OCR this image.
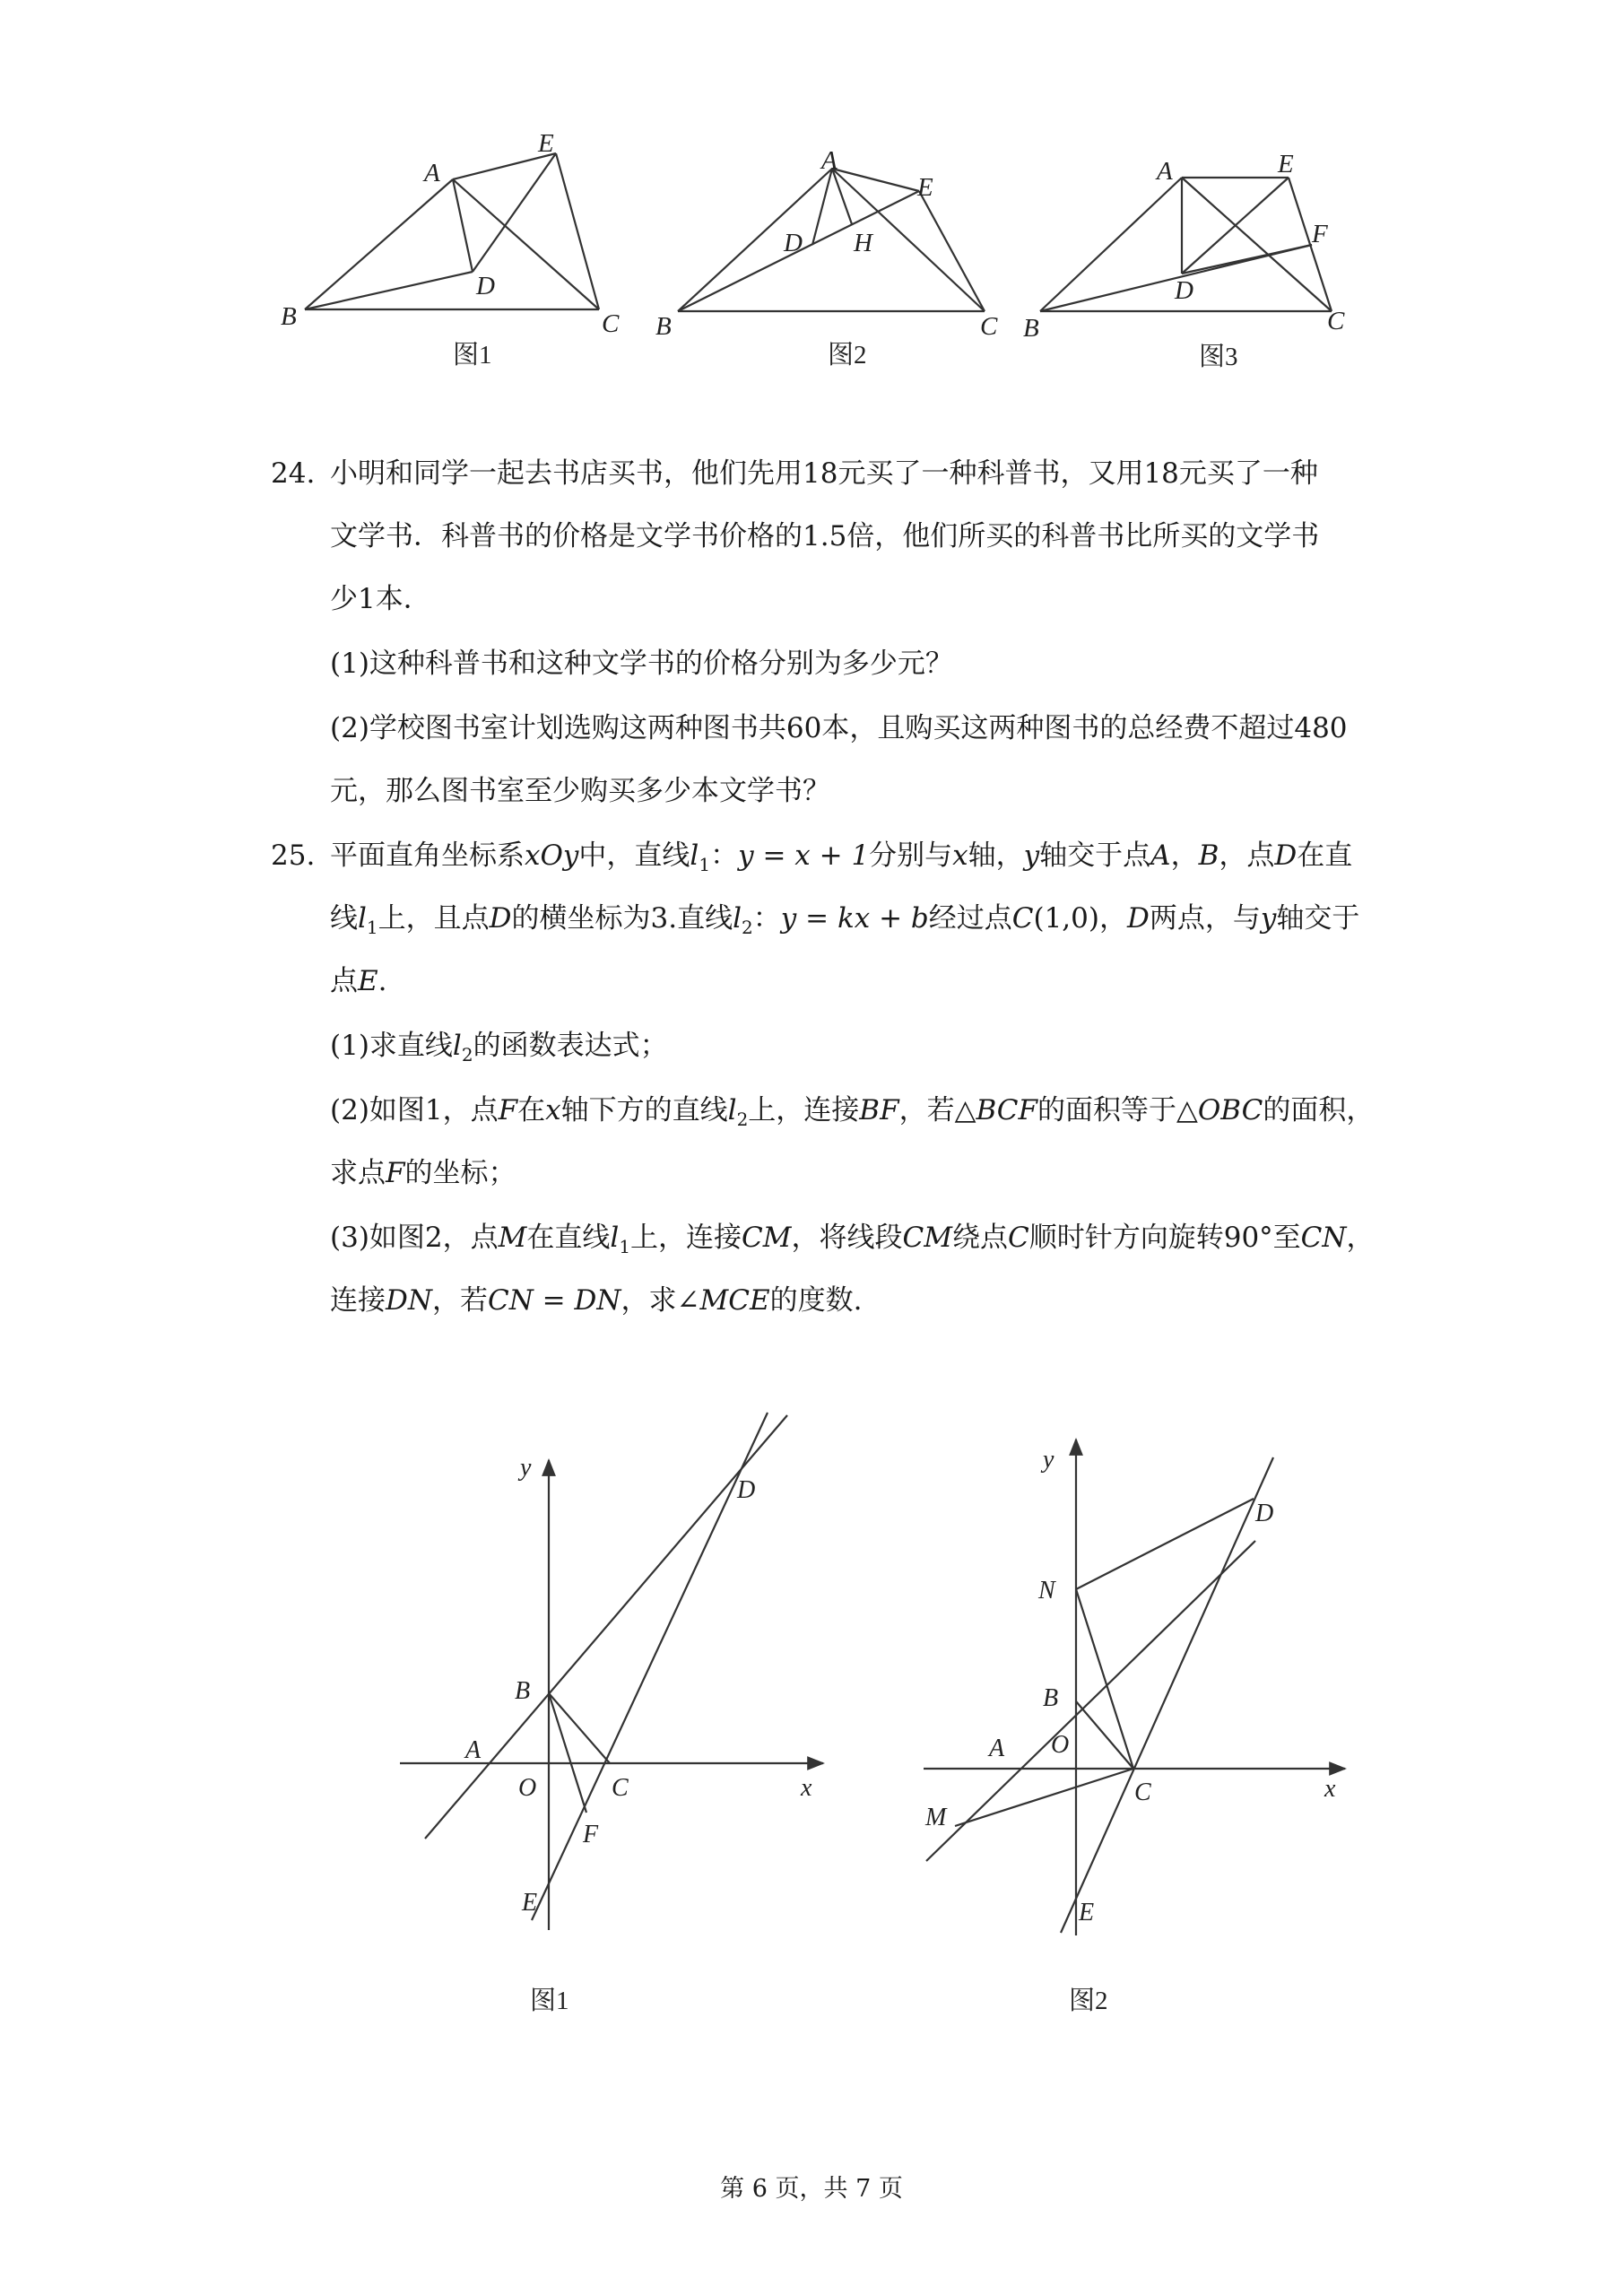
A
E
B	C
D
图1
A
E
D H
B	C
图2
A	E
F
D
B	C
图3
24. 小明和同学一起去书店买书，他们先用18元买了一种科普书，又用18元买了一种
文学书．科普书的价格是文学书价格的1.5倍，他们所买的科普书比所买的文学书
少1本．
(1)这种科普书和这种文学书的价格分别为多少元？
(2)学校图书室计划选购这两种图书共60本，且购买这两种图书的总经费不超过480
元，那么图书室至少购买多少本文学书？
25. 平面直角坐标系xOy中，直线$l_1$：y = x + 1分别与x轴，y轴交于点A，B，点D在直
线$l_1$上，且点D的横坐标为3.直线$l_2$：y = kx + b经过点C(1,0)，D两点，与y轴交于
点E.
(1)求直线$l_2$的函数表达式；
(2)如图1，点F在x轴下方的直线$l_2$上，连接BF，若△BCF的面积等于△OBC的面积，
求点F的坐标；
(3)如图2，点M在直线$l_1$上，连接CM，将线段CM绕点C顺时针方向旋转90°至CN，
连接DN，若CN = DN，求∠MCE的度数.
y
D
B
A
O	C	x
F
E
图1
y
D
N
B
A O
C	x
M
E
图2
第 6 页，共 7 页
